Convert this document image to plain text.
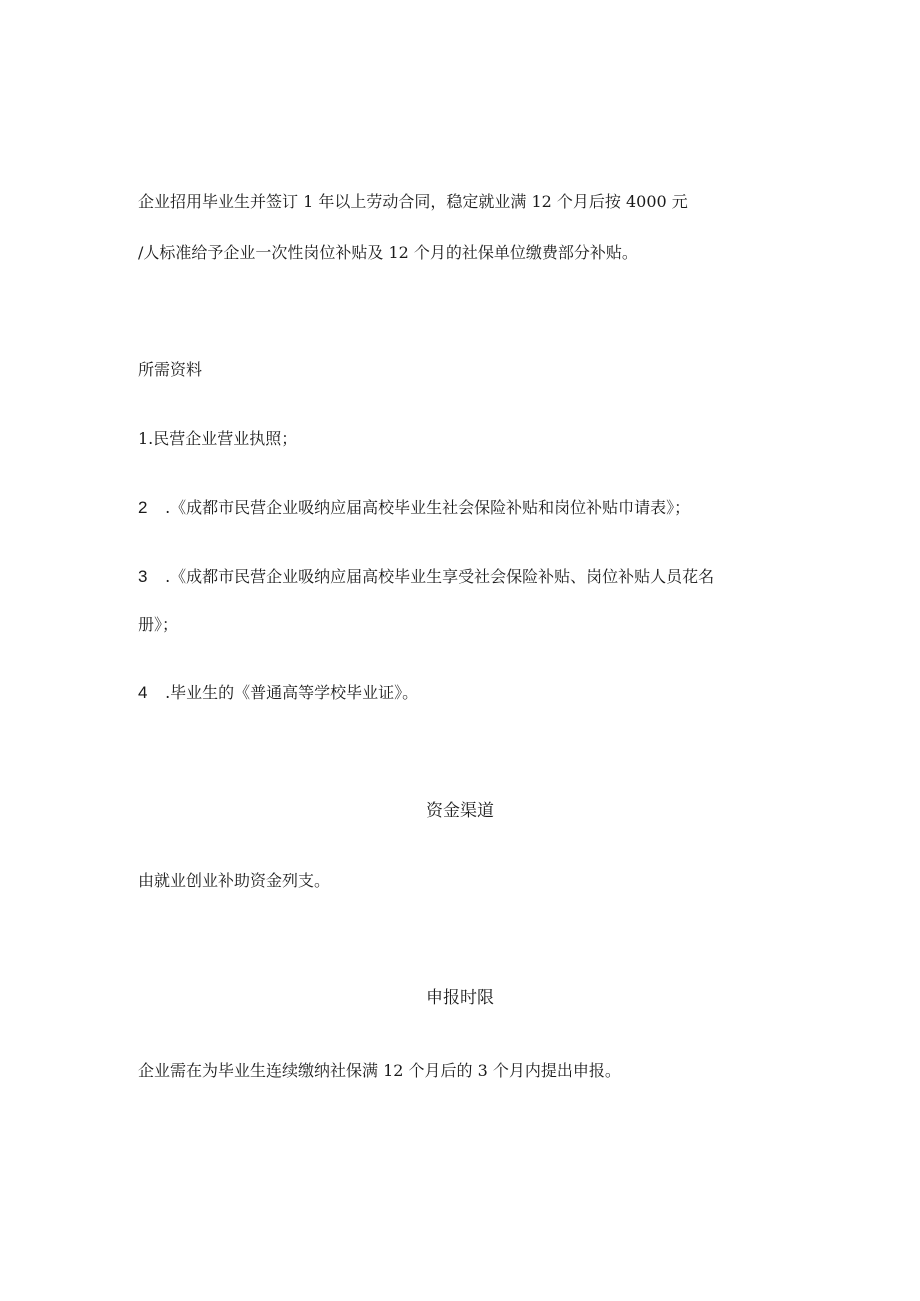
企业招用毕业生并签订 1 年以上劳动合同，稳定就业满 12 个月后按 4000 元
/人标准给予企业一次性岗位补贴及 12 个月的社保单位缴费部分补贴。
所需资料
1.民营企业营业执照；
2 .《成都市民营企业吸纳应届高校毕业生社会保险补贴和岗位补贴巾请表》；
3 .《成都市民营企业吸纳应届高校毕业生享受社会保险补贴、岗位补贴人员花名
册》；
4 .毕业生的《普通高等学校毕业证》。
资金渠道
由就业创业补助资金列支。
申报时限
企业需在为毕业生连续缴纳社保满 12 个月后的 3 个月内提出申报。
